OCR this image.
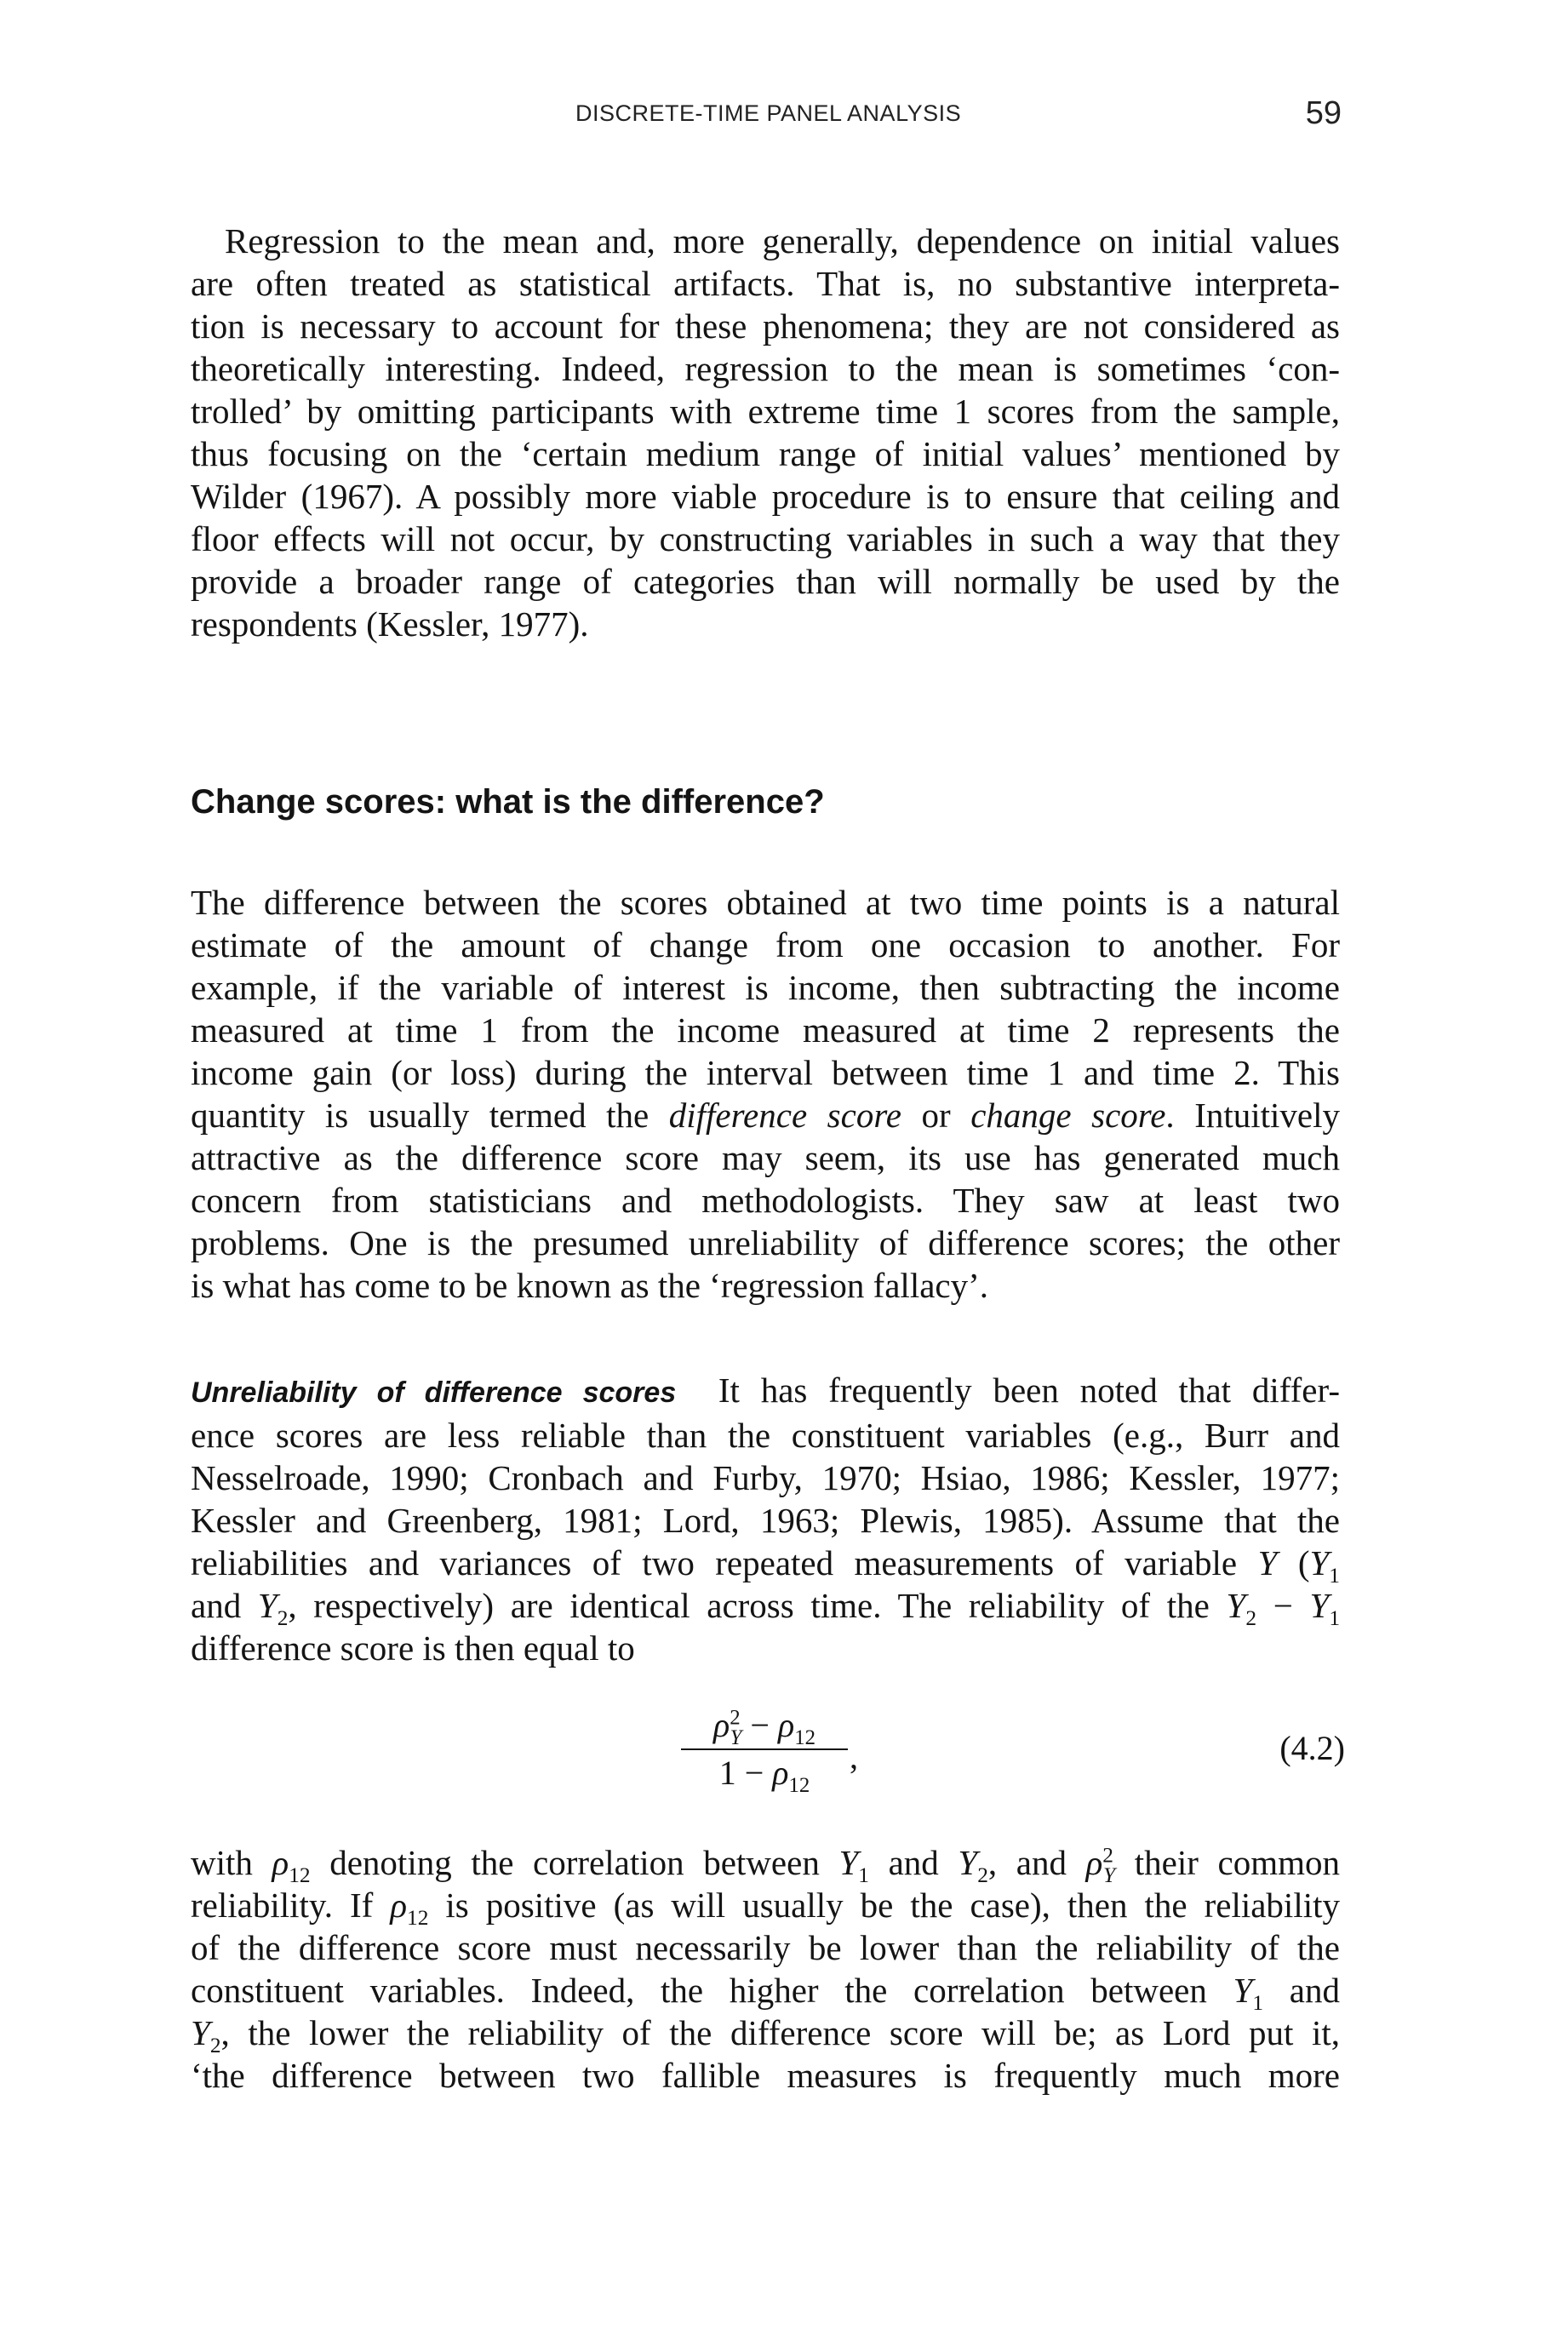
DISCRETE-TIME PANEL ANALYSIS	59
Regression to the mean and, more generally, dependence on initial values
are often treated as statistical artifacts. That is, no substantive interpreta-
tion is necessary to account for these phenomena; they are not considered as
theoretically interesting. Indeed, regression to the mean is sometimes ‘con-
trolled’ by omitting participants with extreme time 1 scores from the sample,
thus focusing on the ‘certain medium range of initial values’ mentioned by
Wilder (1967). A possibly more viable procedure is to ensure that ceiling and
floor effects will not occur, by constructing variables in such a way that they
provide a broader range of categories than will normally be used by the
respondents (Kessler, 1977).
Change scores: what is the difference?
The difference between the scores obtained at two time points is a natural
estimate of the amount of change from one occasion to another. For
example, if the variable of interest is income, then subtracting the income
measured at time 1 from the income measured at time 2 represents the
income gain (or loss) during the interval between time 1 and time 2. This
quantity is usually termed the difference score or change score. Intuitively
attractive as the difference score may seem, its use has generated much
concern from statisticians and methodologists. They saw at least two
problems. One is the presumed unreliability of difference scores; the other
is what has come to be known as the ‘regression fallacy’.
Unreliability of difference scores  It has frequently been noted that differ-
ence scores are less reliable than the constituent variables (e.g., Burr and
Nesselroade, 1990; Cronbach and Furby, 1970; Hsiao, 1986; Kessler, 1977;
Kessler and Greenberg, 1981; Lord, 1963; Plewis, 1985). Assume that the
reliabilities and variances of two repeated measurements of variable Y ($Y_1$
and $Y_2$, respectively) are identical across time. The reliability of the $Y_2 - Y_1$
difference score is then equal to
$\rho^2_Y - \rho_{12}$
$1 - \rho_{12}$
,	(4.2)
with $\rho_{12}$ denoting the correlation between $Y_1$ and $Y_2$, and $\rho^2_Y$ their common
reliability. If $\rho_{12}$ is positive (as will usually be the case), then the reliability
of the difference score must necessarily be lower than the reliability of the
constituent variables. Indeed, the higher the correlation between $Y_1$ and
$Y_2$, the lower the reliability of the difference score will be; as Lord put it,
‘the difference between two fallible measures is frequently much more
